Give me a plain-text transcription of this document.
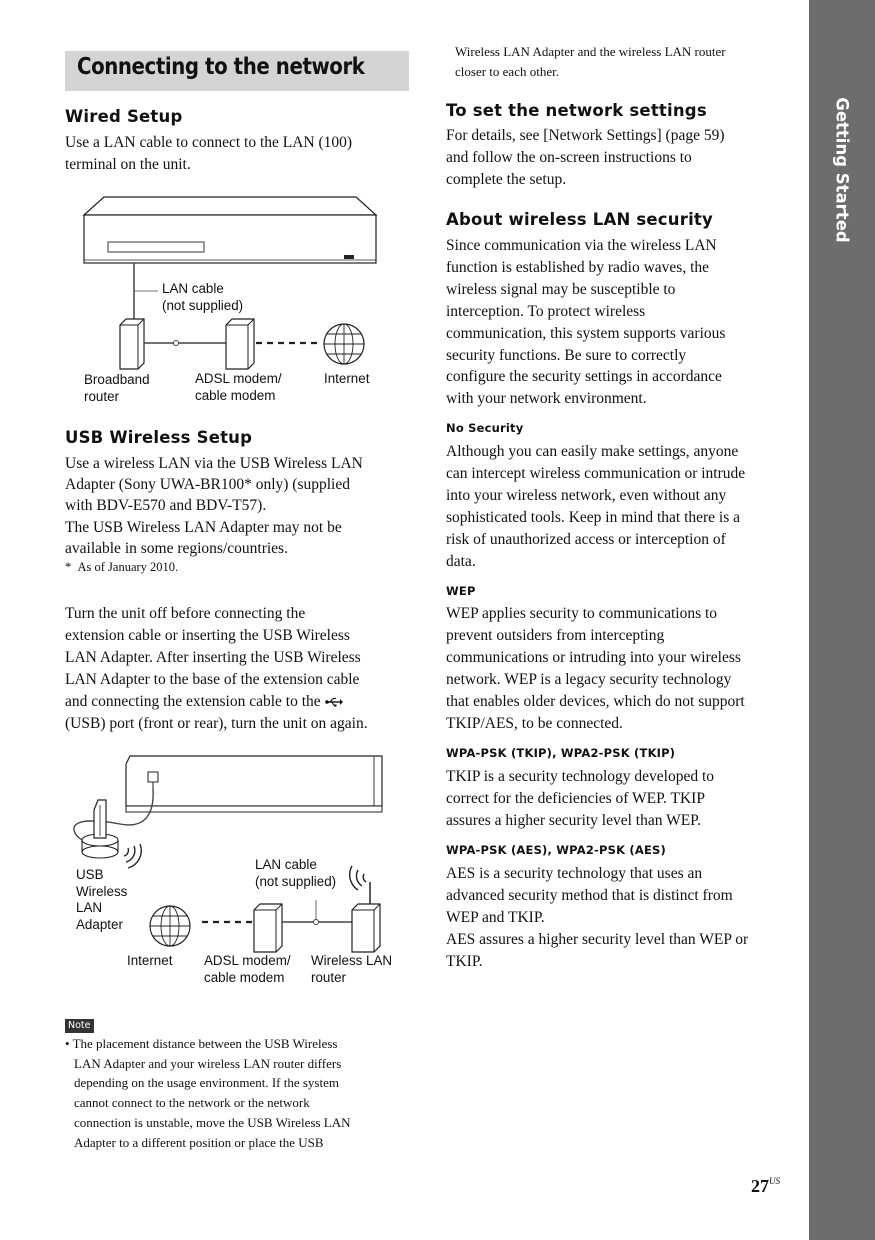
Getting Started
Connecting to the network
Wired Setup
Use a LAN cable to connect to the LAN (100)
terminal on the unit.
LAN cable
(not supplied)
Broadband
router
ADSL modem/
cable modem
Internet
USB Wireless Setup
Use a wireless LAN via the USB Wireless LAN
Adapter (Sony UWA-BR100* only) (supplied
with BDV-E570 and BDV-T57).
The USB Wireless LAN Adapter may not be
available in some regions/countries.
*  As of January 2010.
Turn the unit off before connecting the
extension cable or inserting the USB Wireless
LAN Adapter. After inserting the USB Wireless
LAN Adapter to the base of the extension cable
and connecting the extension cable to the
(USB) port (front or rear), turn the unit on again.
USB
Wireless
LAN
Adapter
LAN cable
(not supplied)
Internet ADSL modem/
cable modem
Wireless LAN
router
Note
• The placement distance between the USB Wireless
LAN Adapter and your wireless LAN router differs
depending on the usage environment. If the system
cannot connect to the network or the network
connection is unstable, move the USB Wireless LAN
Adapter to a different position or place the USB
Wireless LAN Adapter and the wireless LAN router
closer to each other.
To set the network settings
For details, see [Network Settings] (page 59)
and follow the on-screen instructions to
complete the setup.
About wireless LAN security
Since communication via the wireless LAN
function is established by radio waves, the
wireless signal may be susceptible to
interception. To protect wireless
communication, this system supports various
security functions. Be sure to correctly
configure the security settings in accordance
with your network environment.
No Security
Although you can easily make settings, anyone
can intercept wireless communication or intrude
into your wireless network, even without any
sophisticated tools. Keep in mind that there is a
risk of unauthorized access or interception of
data.
WEP
WEP applies security to communications to
prevent outsiders from intercepting
communications or intruding into your wireless
network. WEP is a legacy security technology
that enables older devices, which do not support
TKIP/AES, to be connected.
WPA-PSK (TKIP), WPA2-PSK (TKIP)
TKIP is a security technology developed to
correct for the deficiencies of WEP. TKIP
assures a higher security level than WEP.
WPA-PSK (AES), WPA2-PSK (AES)
AES is a security technology that uses an
advanced security method that is distinct from
WEP and TKIP.
AES assures a higher security level than WEP or
TKIP.
$27^{US}$
